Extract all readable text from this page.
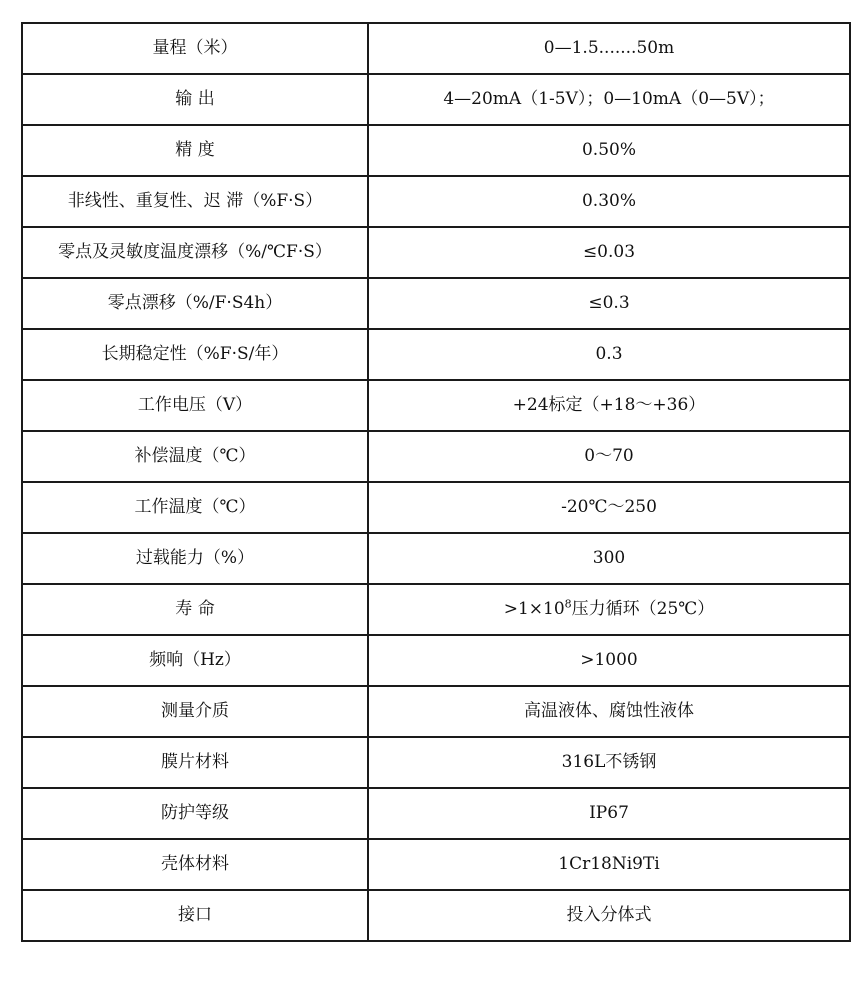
量程（米）	0—1.5.......50m
输 出	4—20mA（1-5V）；0—10mA（0—5V）；
精 度	0.50%
非线性、重复性、迟 滞（%F·S）	0.30%
零点及灵敏度温度漂移（%/℃F·S）	≤0.03
零点漂移（%/F·S4h）	≤0.3
长期稳定性（%F·S/年）	0.3
工作电压（V）	+24标定（+18～+36）
补偿温度（℃）	0～70
工作温度（℃）	-20℃～250
过载能力（%）	300
寿 命	$>1\times 10^8$压力循环（25℃）
频响（Hz）	>1000
测量介质	高温液体、腐蚀性液体
膜片材料	316L不锈钢
防护等级	IP67
壳体材料	1Cr18Ni9Ti
接口	投入分体式
